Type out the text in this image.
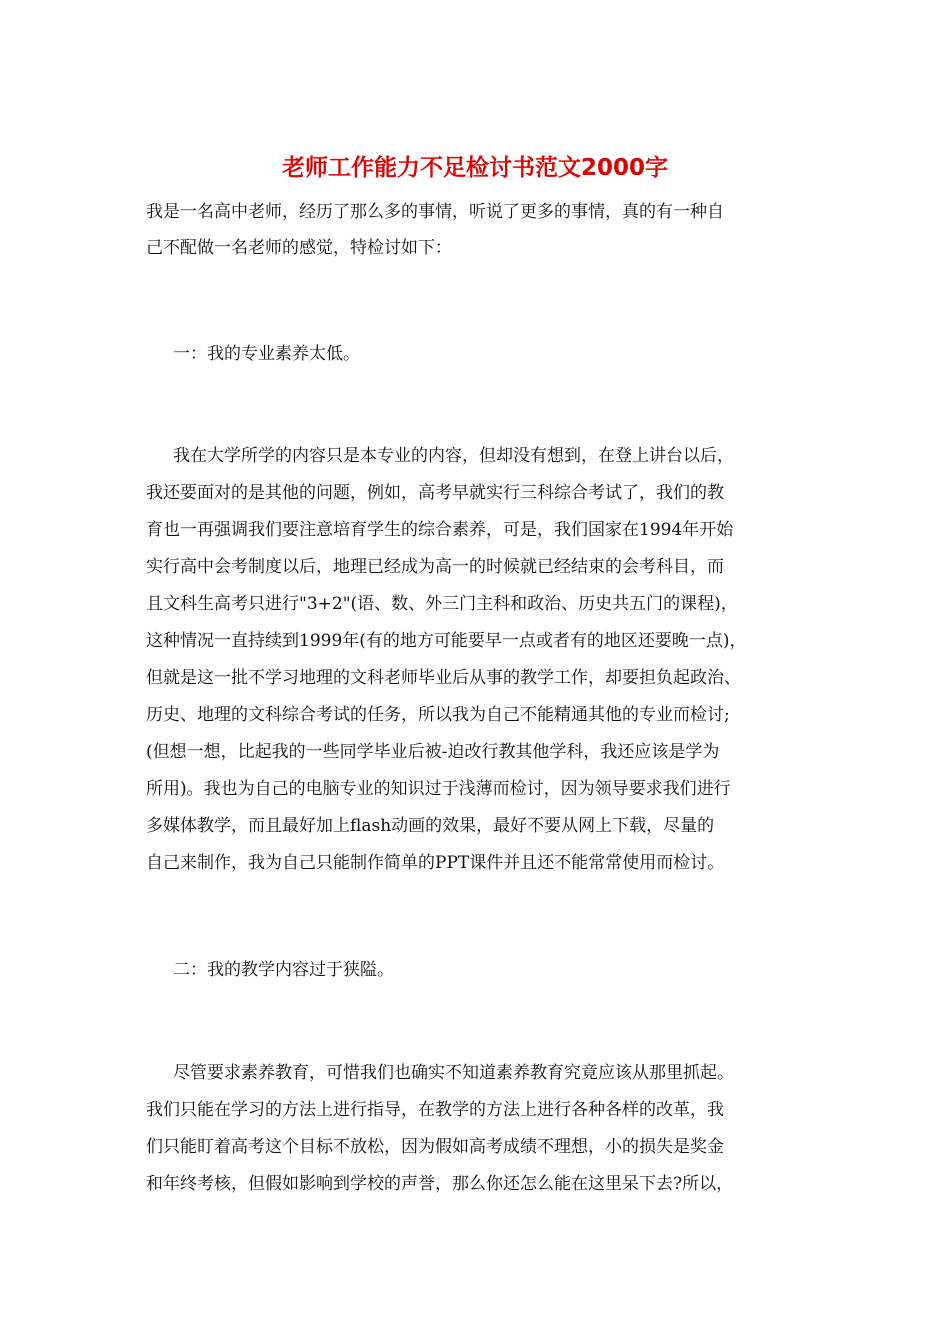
老师工作能力不足检讨书范文2000字

我是一名高中老师，经历了那么多的事情，听说了更多的事情，真的有一种自

己不配做一名老师的感觉，特检讨如下：

一：我的专业素养太低。

我在大学所学的内容只是本专业的内容，但却没有想到，在登上讲台以后，

我还要面对的是其他的问题，例如，高考早就实行三科综合考试了，我们的教

育也一再强调我们要注意培育学生的综合素养，可是，我们国家在1994年开始

实行高中会考制度以后，地理已经成为高一的时候就已经结束的会考科目，而

且文科生高考只进行"3+2"(语、数、外三门主科和政治、历史共五门的课程)，

这种情况一直持续到1999年(有的地方可能要早一点或者有的地区还要晚一点)，

但就是这一批不学习地理的文科老师毕业后从事的教学工作，却要担负起政治、

历史、地理的文科综合考试的任务，所以我为自己不能精通其他的专业而检讨;

(但想一想，比起我的一些同学毕业后被-迫改行教其他学科，我还应该是学为

所用)。我也为自己的电脑专业的知识过于浅薄而检讨，因为领导要求我们进行

多媒体教学，而且最好加上flash动画的效果，最好不要从网上下载，尽量的

自己来制作，我为自己只能制作简单的PPT课件并且还不能常常使用而检讨。

二：我的教学内容过于狭隘。

尽管要求素养教育，可惜我们也确实不知道素养教育究竟应该从那里抓起。

我们只能在学习的方法上进行指导，在教学的方法上进行各种各样的改革，我

们只能盯着高考这个目标不放松，因为假如高考成绩不理想，小的损失是奖金

和年终考核，但假如影响到学校的声誉，那么你还怎么能在这里呆下去?所以，
